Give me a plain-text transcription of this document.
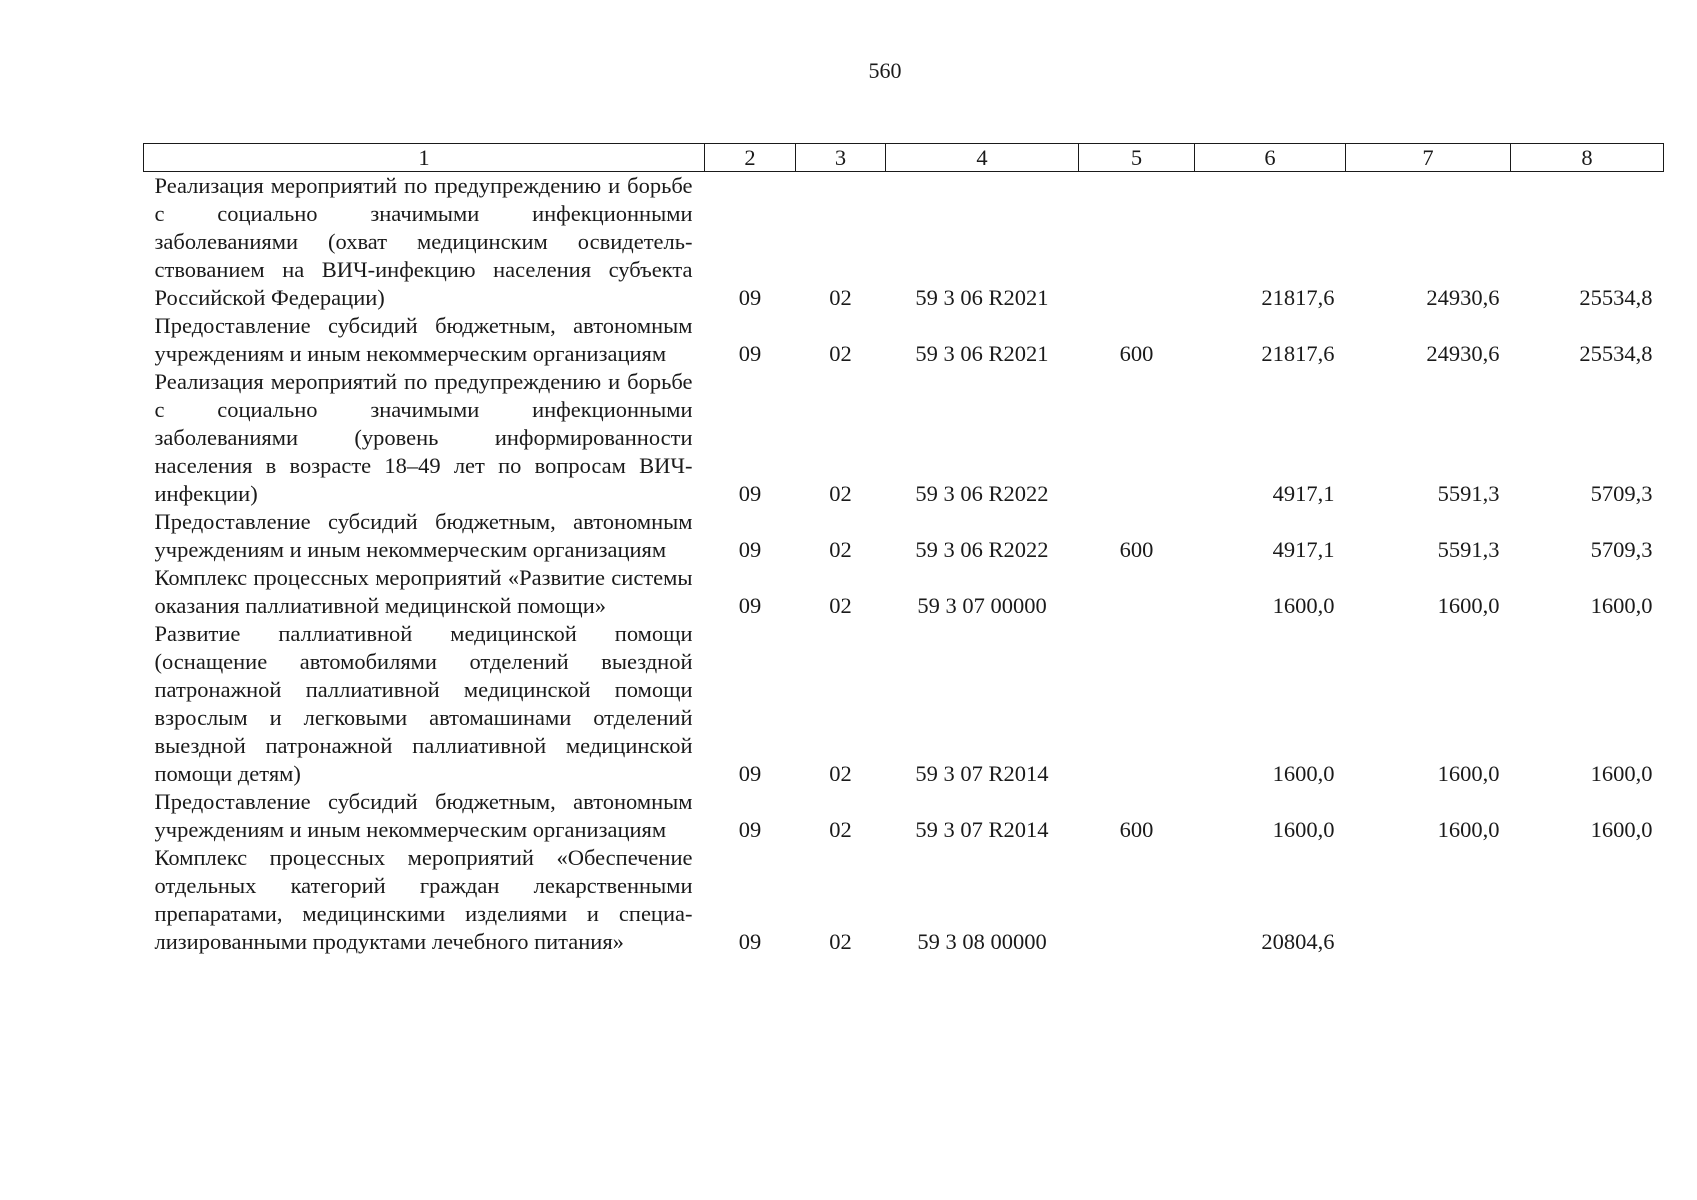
560
1	2	3	4	5	6	7	8
Реализация мероприятий по предупреждению и борьбе с социально значимыми инфекционными заболеваниями (охват медицинским освидетельствованием на ВИЧ-инфекцию населения субъекта Российской Федерации)	09	02	59 3 06 R2021		21817,6	24930,6	25534,8
Предоставление субсидий бюджетным, автономным учреждениям и иным некоммерческим организациям	09	02	59 3 06 R2021	600	21817,6	24930,6	25534,8
Реализация мероприятий по предупреждению и борьбе с социально значимыми инфекционными заболеваниями (уровень информированности населения в возрасте 18–49 лет по вопросам ВИЧ-инфекции)	09	02	59 3 06 R2022		4917,1	5591,3	5709,3
Предоставление субсидий бюджетным, автономным учреждениям и иным некоммерческим организациям	09	02	59 3 06 R2022	600	4917,1	5591,3	5709,3
Комплекс процессных мероприятий «Развитие системы оказания паллиативной медицинской помощи»	09	02	59 3 07 00000		1600,0	1600,0	1600,0
Развитие паллиативной медицинской помощи (оснащение автомобилями отделений выездной патронажной паллиативной медицинской помощи взрослым и легковыми автомашинами отделений выездной патронажной паллиативной медицинской помощи детям)	09	02	59 3 07 R2014		1600,0	1600,0	1600,0
Предоставление субсидий бюджетным, автономным учреждениям и иным некоммерческим организациям	09	02	59 3 07 R2014	600	1600,0	1600,0	1600,0
Комплекс процессных мероприятий «Обеспечение отдельных категорий граждан лекарственными препаратами, медицинскими изделиями и специализированными продуктами лечебного питания»	09	02	59 3 08 00000		20804,6		
